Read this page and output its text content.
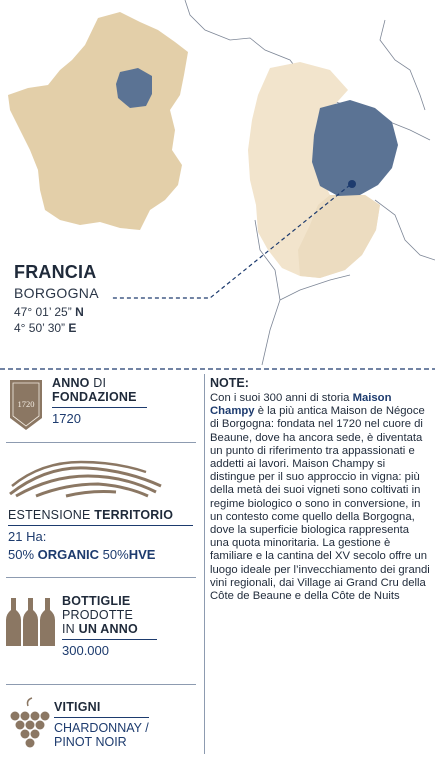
FRANCIA
BORGOGNA
47° 01’ 25” N
4° 50’ 30” E
1720
ANNO DI
FONDAZIONE
1720
ESTENSIONE TERRITORIO
21 Ha:
50% ORGANIC 50%HVE
BOTTIGLIE
PRODOTTE
IN UN ANNO
300.000
VITIGNI
CHARDONNAY /
PINOT NOIR
NOTE:
Con i suoi 300 anni di storia Maison Champy è la più antica Maison de Négoce di Borgogna: fondata nel 1720 nel cuore di Beaune, dove ha ancora sede, è diventata un punto di riferimento tra appassionati e addetti ai lavori. Maison Champy si distingue per il suo approccio in vigna: più della metà dei suoi vigneti sono coltivati in regime biologico o sono in conversione, in un contesto come quello della Borgogna, dove la superficie biologica rappresenta una quota minoritaria. La gestione è familiare e la cantina del XV secolo offre un luogo ideale per l’invecchiamento dei grandi vini regionali, dai Village ai Grand Cru della Côte de Beaune e della Côte de Nuits
